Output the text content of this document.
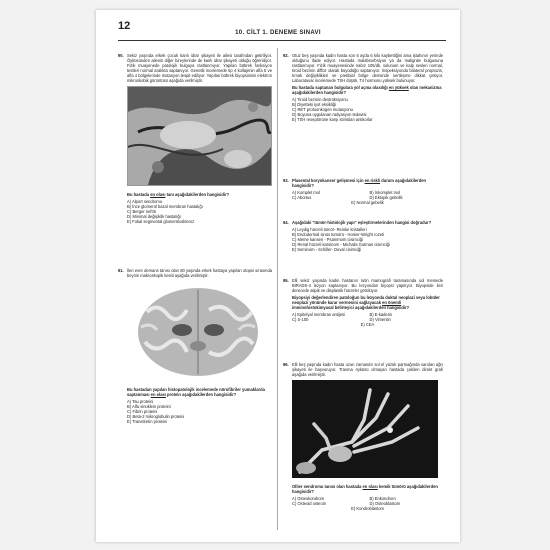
12
10. CİLT 1. DENEME SINAVI
90. Sekiz yaşında erkek çocuk kanlı idrar şikayeti ile ailesi tarafından getiriliyor. Öyküsünden ailenin diğer bireylerinde de kanlı idrar şikayeti olduğu öğreniliyor. Fizik muayenede patolojik bulguya rastlanmıyor. Yapılan böbrek fonksiyon testleri normal aralıkta saptanıyor. Genetik incelemede tip 4 kollajenin alfa 5 ve alfa 4 bölgelerinde mutasyon tespit ediliyor. Yapılan böbrek biyopsisinin elektron mikroskobik görüntüsü aşağıda verilmiştir.
Bu hastada en olası tanı aşağıdakilerden hangisidir?
A) Alport sendromu
B) İnce glomerül bazal membran hastalığı
C) Berger nefriti
D) Minimal değişiklik hastalığı
E) Fokal segmental glomerüloskleroz
91. İleri evre demans tanısı olan 80 yaşında erkek hastaya yapılan otopsi sırasında beynin makroskopik kesiti aşağıda verilmiştir.
Bu hastadan yapılan histopatolojik incelemede nörofibriler yumaklarda saptanması en olası protein aşağıdakilerden hangisidir?
A) Tau proteini
B) Alfa sinüklein proteini
C) Fibrin proteini
D) Beta-2 mikroglobulin proteini
E) Transtiretin proteini
92. Otuz beş yaşında kadın hasta son 6 ayda 6 kilo kaybettiğini ama iştahının yerinde olduğunu ifade ediyor. Hastada malabsorbsiyon ya da malignite bulgusuna rastlanmıyor. Fizik muayenesinde nabız 105/dk, solunum ve kalp sesleri normal, tiroid bezinin diffüz olarak büyüdüğü saptanıyor. İnspeksiyonda bilateral proptozis, tırnak değişiklikleri ve pretibial bölge derisinde sertleşme dikkat çekiyor. Laboratuvar incelemede TSH düşük, T4 hormonu yüksek bulunuyor.
Bu hastada saptanan bulgulara yol açma olasılığı en yüksek olan mekanizma aşağıdakilerden hangisidir?
A) Tiroid bezinin destrüksiyonu
B) Diyetteki iyot eksikliği
C) RET protoonkogen mutasyonu
D) Boyuna uygulanan radyasyon tedavisi
E) TSH reseptörüne karşı stimülan antikorlar
93. Plasental koryokanser gelişmesi için en riskli durum aşağıdakilerden hangisidir?
A) Komplet mol	B) İnkomplet mol
C) Abortus	D) Ektopik gebelik
E) Normal gebelik
94. Aşağıdaki "tümör-histolojik yapı" eşleştirmelerinden hangisi doğrudur?
A) Leydig hücreli tümör- Reinke kristalleri
B) Endodermal sinüs tümörü - Homer-Wright rozeti
C) Meme kanseri - Psammom cisimciği
D) Renal hücreli karsinom - Michalis Gutman cisimciği
E) Seminom - Schiller- Duval cisimciği
95. Elli sekiz yaşında kadın hastanın rutin mamografi taramasında sol memede BIRADS-4 lezyon saptanıyor. Bu lezyondan biyopsi yapılıyor. Biyopside ileri derecede atipik ve displastik hücreler görülüyor.
Biyopsiyi değerlendiren patoloğun bu lezyonda duktal neoplazi veya lobüler neoplazi yönünde karar vermesini sağlayacak en önemli imminohistokimyasal belirteyici aşağıdakilerden hangisidir?
A) Epitelyal membran antijeni	B) E-kaderin
C) S-100	D) Vimentin
E) CEA
96. Elli beş yaşında kadın hasta uzun zamandır sol el yüzük parmağında varolan ağrı şikayeti ile başvuruyor. Travma öyküsü olmayan hastada çekilen direkt grafi aşağıda verilmiştir.
Ollier sendromu tanısı olan hastada en olası kemik tümörü aşağıdakilerden hangisidir?
A) Osteokondrom	B) Enkondrom
C) Osteoid osteom	D) Osteoblastom
E) Kondroblastom
